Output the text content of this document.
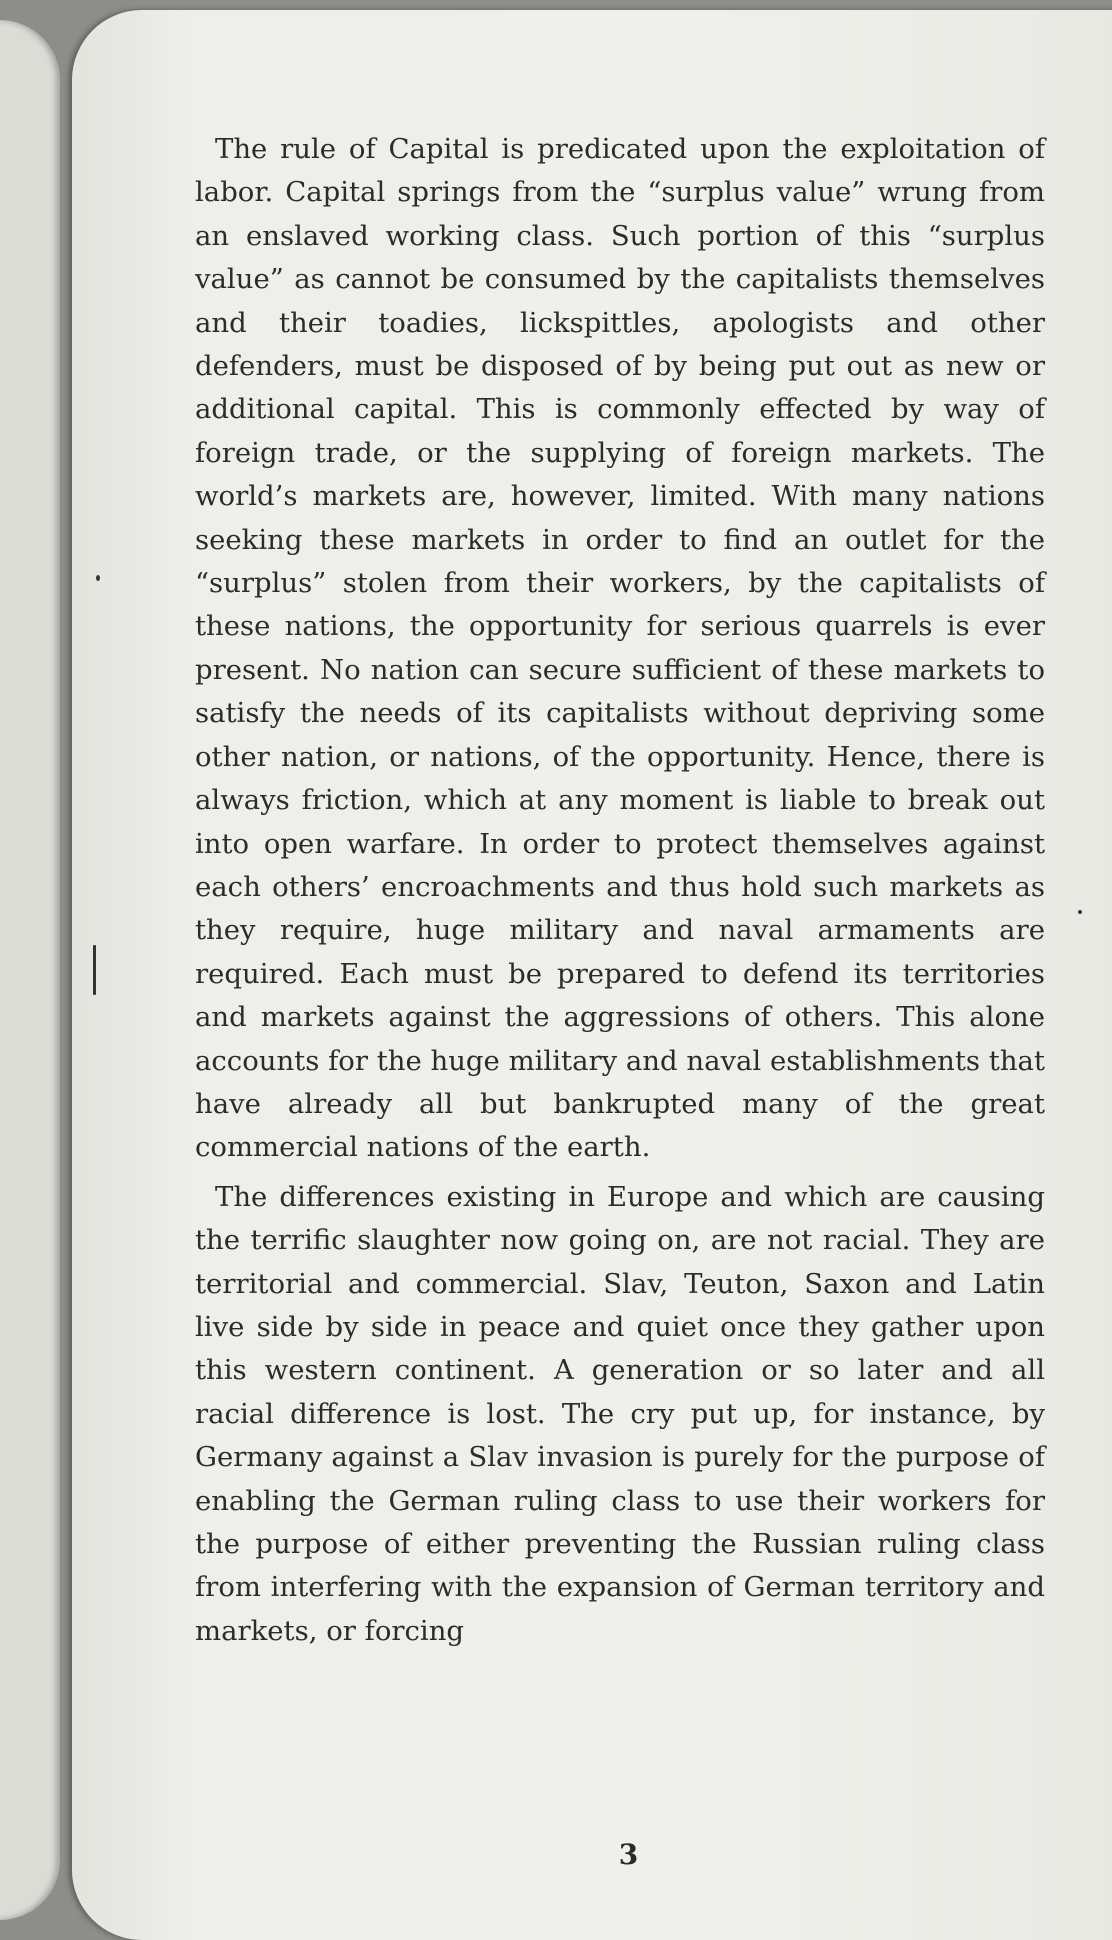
The rule of Capital is predicated upon the exploitation of labor. Capital springs from the “surplus value” wrung from an enslaved working class. Such portion of this “surplus value” as cannot be consumed by the capitalists themselves and their toadies, lickspittles, apologists and other defenders, must be disposed of by being put out as new or additional capital. This is commonly effected by way of foreign trade, or the supplying of foreign markets. The world’s markets are, however, limited. With many nations seeking these markets in order to find an outlet for the “surplus” stolen from their workers, by the capitalists of these nations, the opportunity for serious quarrels is ever present. No nation can secure sufficient of these markets to satisfy the needs of its capitalists without depriving some other nation, or nations, of the opportunity. Hence, there is always friction, which at any moment is liable to break out into open warfare. In order to protect themselves against each others’ encroachments and thus hold such markets as they require, huge military and naval armaments are required. Each must be prepared to defend its territories and markets against the aggressions of others. This alone accounts for the huge military and naval establishments that have already all but bankrupted many of the great commercial nations of the earth.

The differences existing in Europe and which are causing the terrific slaughter now going on, are not racial. They are territorial and commercial. Slav, Teuton, Saxon and Latin live side by side in peace and quiet once they gather upon this western continent. A generation or so later and all racial difference is lost. The cry put up, for instance, by Germany against a Slav invasion is purely for the purpose of enabling the German ruling class to use their workers for the purpose of either preventing the Russian ruling class from interfering with the expansion of German territory and markets, or forcing

3
